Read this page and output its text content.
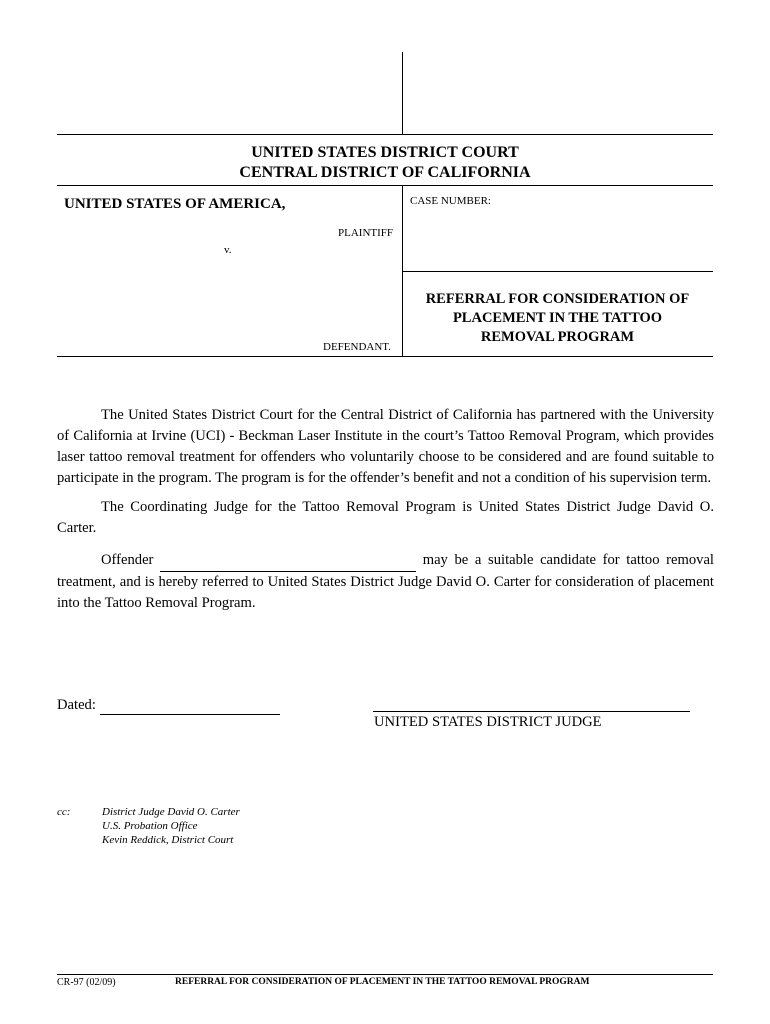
UNITED STATES DISTRICT COURT
CENTRAL DISTRICT OF CALIFORNIA
UNITED STATES OF AMERICA,
PLAINTIFF
v.
DEFENDANT.
CASE NUMBER:
REFERRAL FOR CONSIDERATION OF
PLACEMENT IN THE TATTOO
REMOVAL PROGRAM
The United States District Court for the Central District of California has partnered with the University of California at Irvine (UCI) - Beckman Laser Institute in the court’s Tattoo Removal Program, which provides laser tattoo removal treatment for offenders who voluntarily choose to be considered and are found suitable to participate in the program. The program is for the offender’s benefit and not a condition of his supervision term.
The Coordinating Judge for the Tattoo Removal Program is United States District Judge David O. Carter.
Offender	may be a suitable candidate for tattoo removal treatment, and is hereby referred to United States District Judge David O. Carter for consideration of placement into the Tattoo Removal Program.
Dated:
UNITED STATES DISTRICT JUDGE
cc:	District Judge David O. Carter
U.S. Probation Office
Kevin Reddick, District Court
CR-97 (02/09)	REFERRAL FOR CONSIDERATION OF PLACEMENT IN THE TATTOO REMOVAL PROGRAM
